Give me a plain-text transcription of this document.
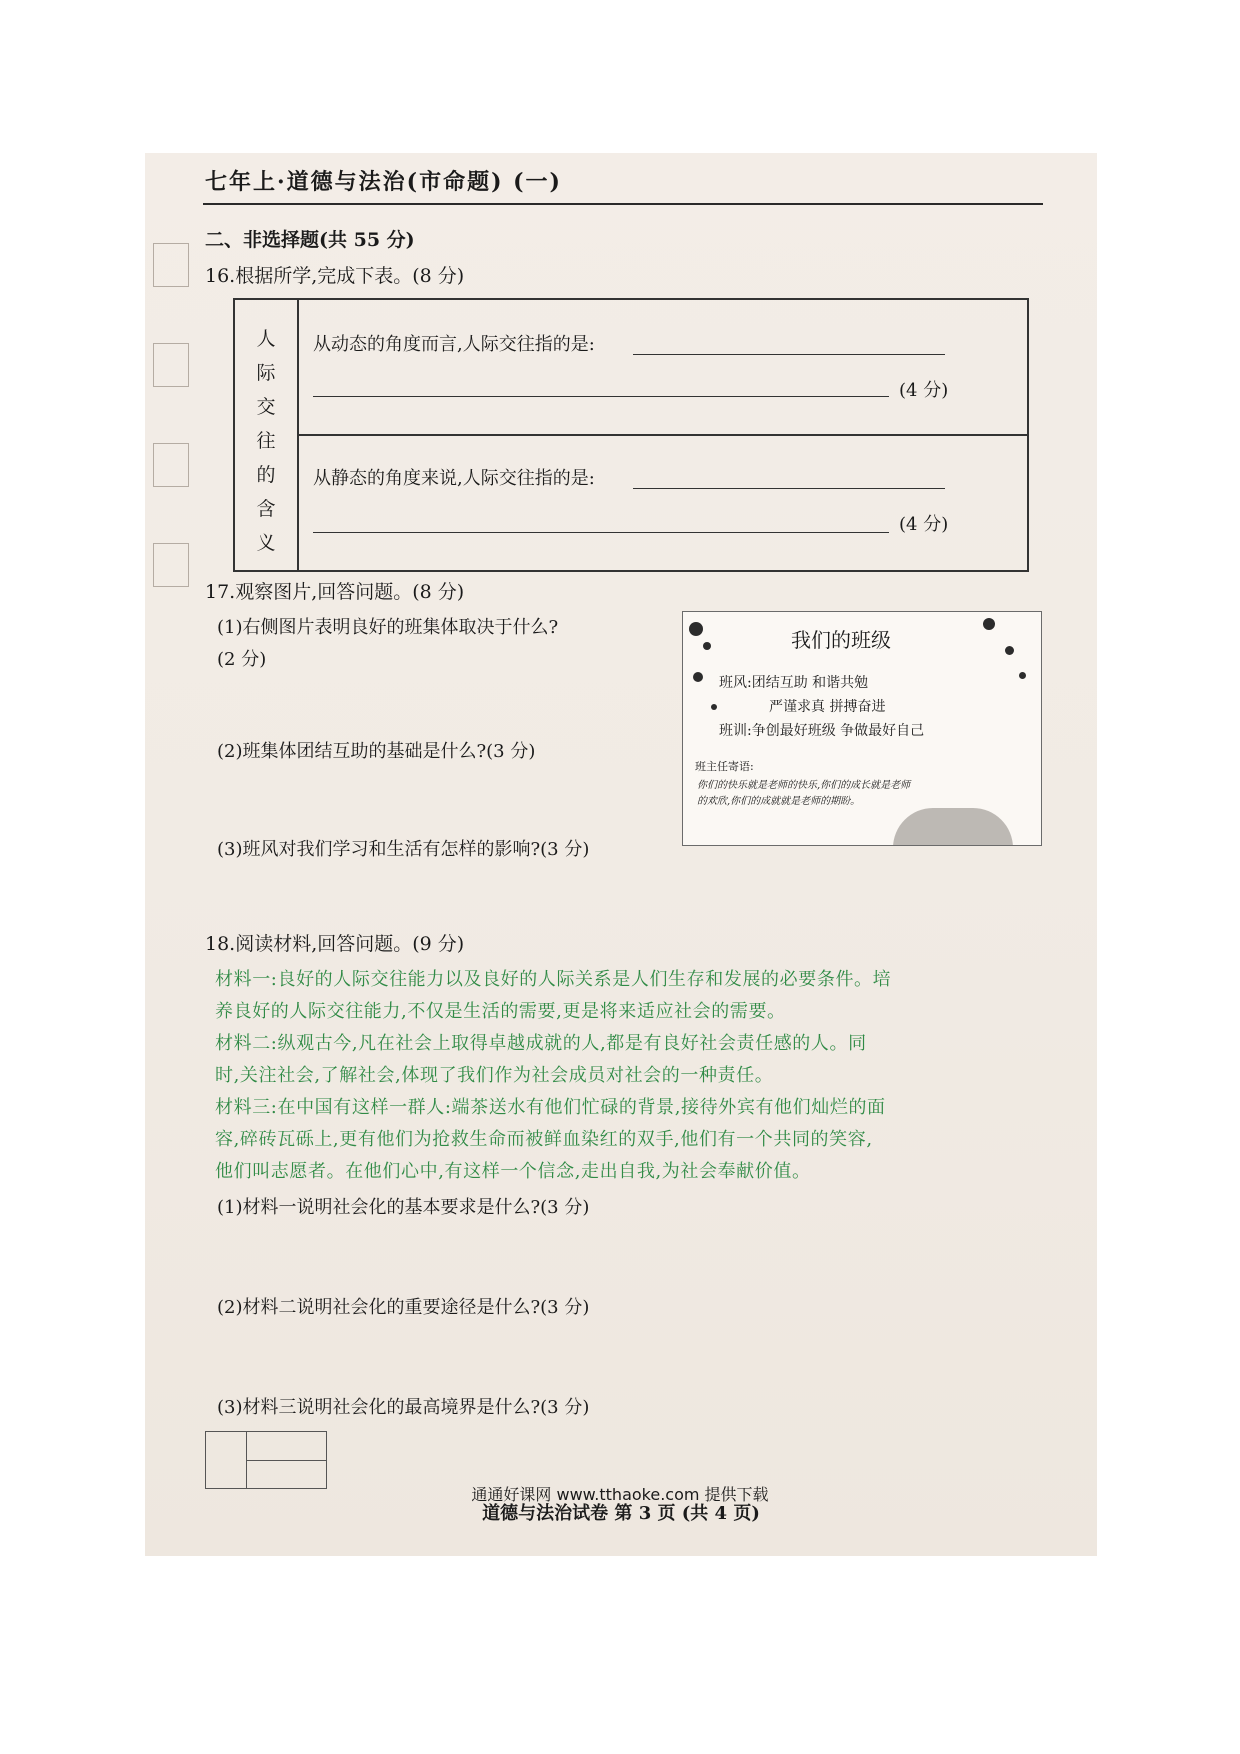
七年上·道德与法治(市命题) (一)
二、非选择题(共 55 分)
16.根据所学,完成下表。(8 分)
人
际
交
往
的
含
义
从动态的角度而言,人际交往指的是:
(4 分)
从静态的角度来说,人际交往指的是:
(4 分)
17.观察图片,回答问题。(8 分)
(1)右侧图片表明良好的班集体取决于什么?
(2 分)
(2)班集体团结互助的基础是什么?(3 分)
(3)班风对我们学习和生活有怎样的影响?(3 分)
我们的班级
班风:团结互助 和谐共勉
严谨求真 拼搏奋进
班训:争创最好班级 争做最好自己
班主任寄语:
你们的快乐就是老师的快乐,你们的成长就是老师
的欢欣,你们的成就就是老师的期盼。
18.阅读材料,回答问题。(9 分)
材料一:良好的人际交往能力以及良好的人际关系是人们生存和发展的必要条件。培
养良好的人际交往能力,不仅是生活的需要,更是将来适应社会的需要。
材料二:纵观古今,凡在社会上取得卓越成就的人,都是有良好社会责任感的人。同
时,关注社会,了解社会,体现了我们作为社会成员对社会的一种责任。
材料三:在中国有这样一群人:端茶送水有他们忙碌的背景,接待外宾有他们灿烂的面
容,碎砖瓦砾上,更有他们为抢救生命而被鲜血染红的双手,他们有一个共同的笑容,
他们叫志愿者。在他们心中,有这样一个信念,走出自我,为社会奉献价值。
(1)材料一说明社会化的基本要求是什么?(3 分)
(2)材料二说明社会化的重要途径是什么?(3 分)
(3)材料三说明社会化的最高境界是什么?(3 分)
道德与法治试卷 第 3 页 (共 4 页)
通通好课网 www.tthaoke.com 提供下载
